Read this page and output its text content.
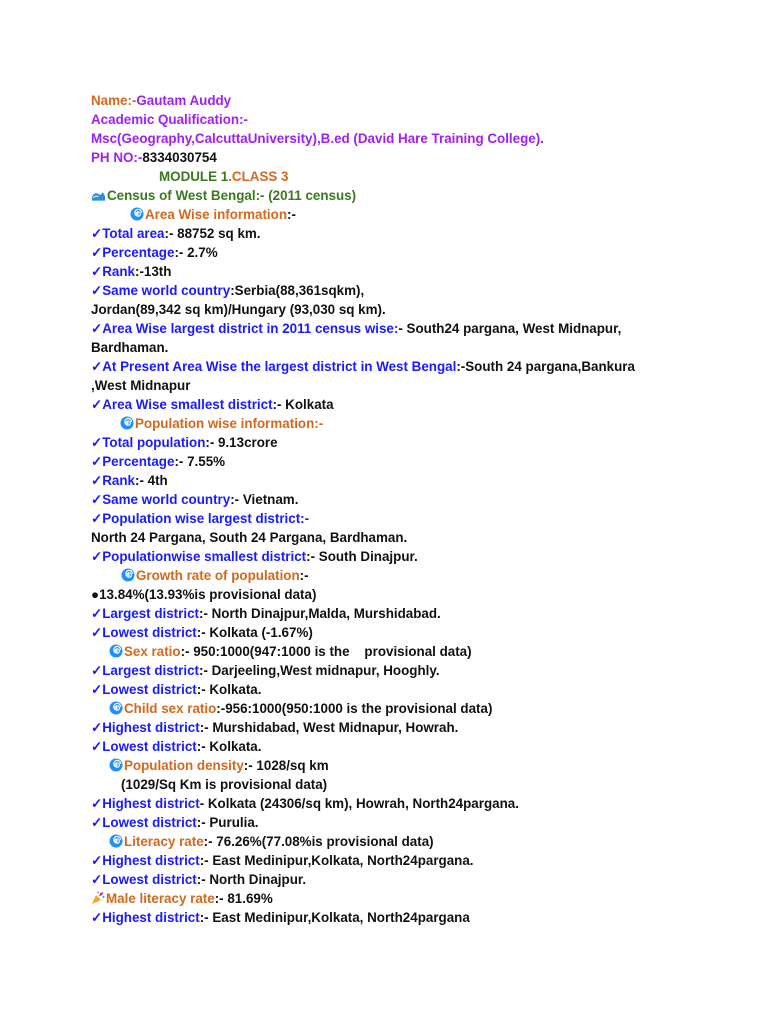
Name:-Gautam Auddy
Academic Qualification:-
Msc(Geography,CalcuttaUniversity),B.ed (David Hare Training College).
PH NO:-8334030754
MODULE 1.CLASS 3
Census of West Bengal:- (2011 census)
Area Wise information:-
✓Total area:- 88752 sq km.
✓Percentage:- 2.7%
✓Rank:-13th
✓Same world country:Serbia(88,361sqkm),
Jordan(89,342 sq km)/Hungary (93,030 sq km).
✓Area Wise largest district in 2011 census wise:- South24 pargana, West Midnapur,
Bardhaman.
✓At Present Area Wise the largest district in West Bengal:-South 24 pargana,Bankura
,West Midnapur
✓Area Wise smallest district:- Kolkata
Population wise information:-
✓Total population:- 9.13crore
✓Percentage:- 7.55%
✓Rank:- 4th
✓Same world country:- Vietnam.
✓Population wise largest district:-
North 24 Pargana, South 24 Pargana, Bardhaman.
✓Populationwise smallest district:- South Dinajpur.
Growth rate of population:-
●13.84%(13.93%is provisional data)
✓Largest district:- North Dinajpur,Malda, Murshidabad.
✓Lowest district:- Kolkata (-1.67%)
Sex ratio:- 950:1000(947:1000 is the    provisional data)
✓Largest district:- Darjeeling,West midnapur, Hooghly.
✓Lowest district:- Kolkata.
Child sex ratio:-956:1000(950:1000 is the provisional data)
✓Highest district:- Murshidabad, West Midnapur, Howrah.
✓Lowest district:- Kolkata.
Population density:- 1028/sq km
(1029/Sq Km is provisional data)
✓Highest district- Kolkata (24306/sq km), Howrah, North24pargana.
✓Lowest district:- Purulia.
Literacy rate:- 76.26%(77.08%is provisional data)
✓Highest district:- East Medinipur,Kolkata, North24pargana.
✓Lowest district:- North Dinajpur.
Male literacy rate:- 81.69%
✓Highest district:- East Medinipur,Kolkata, North24pargana
